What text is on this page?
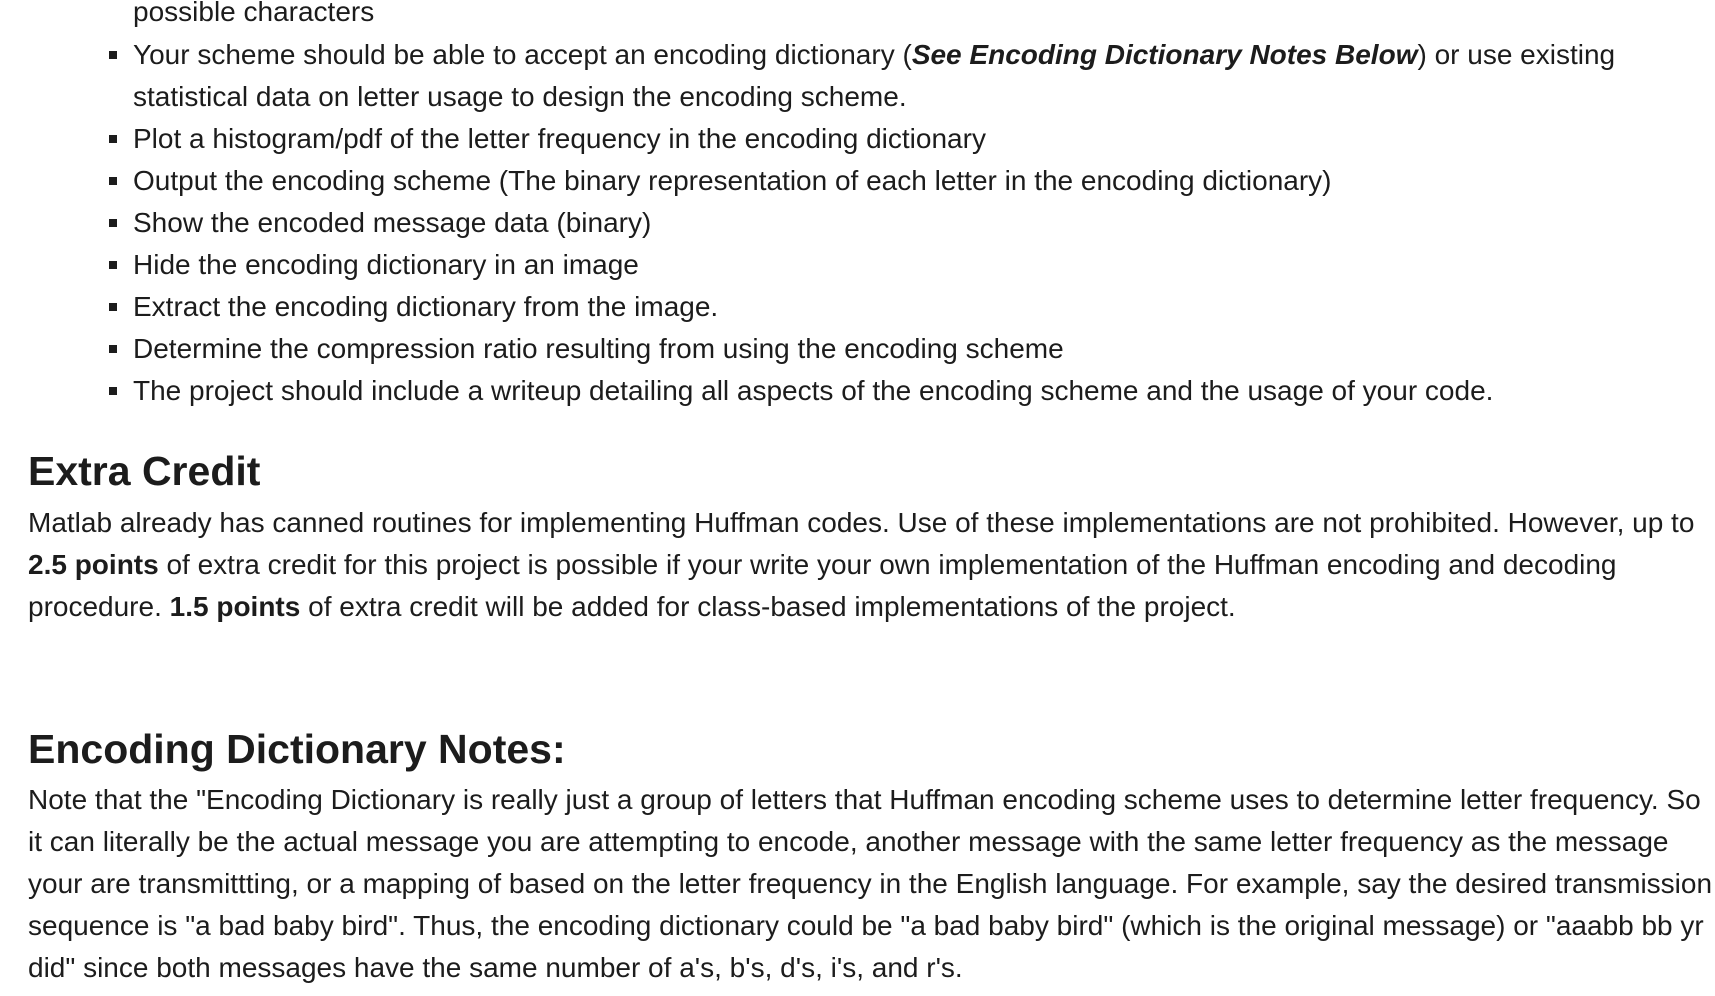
possible characters
Your scheme should be able to accept an encoding dictionary (See Encoding Dictionary Notes Below) or use existing statistical data on letter usage to design the encoding scheme.
Plot a histogram/pdf of the letter frequency in the encoding dictionary
Output the encoding scheme (The binary representation of each letter in the encoding dictionary)
Show the encoded message data (binary)
Hide the encoding dictionary in an image
Extract the encoding dictionary from the image.
Determine the compression ratio resulting from using the encoding scheme
The project should include a writeup detailing all aspects of the encoding scheme and the usage of your code.
Extra Credit

Matlab already has canned routines for implementing Huffman codes. Use of these implementations are not prohibited. However, up to 2.5 points of extra credit for this project is possible if your write your own implementation of the Huffman encoding and decoding procedure. 1.5 points of extra credit will be added for class-based implementations of the project.

Encoding Dictionary Notes:

Note that the "Encoding Dictionary is really just a group of letters that Huffman encoding scheme uses to determine letter frequency. So it can literally be the actual message you are attempting to encode, another message with the same letter frequency as the message your are transmittting, or a mapping of based on the letter frequency in the English language. For example, say the desired transmission sequence is "a bad baby bird". Thus, the encoding dictionary could be "a bad baby bird" (which is the original message) or "aaabb bb yr did" since both messages have the same number of a's, b's, d's, i's, and r's.
